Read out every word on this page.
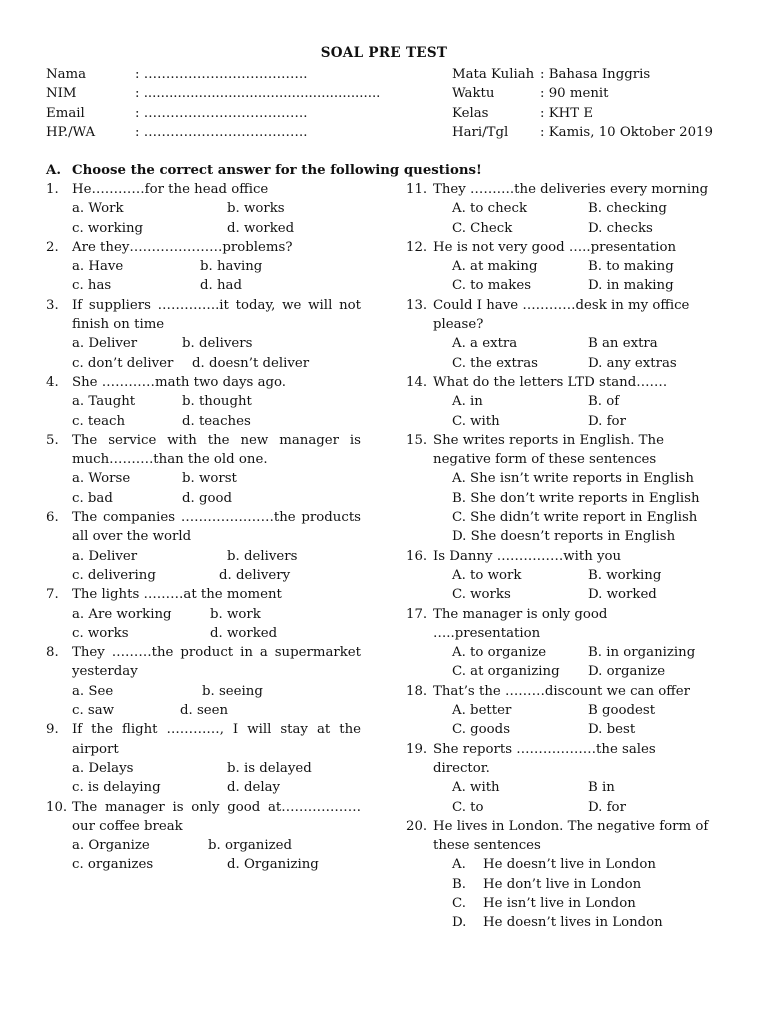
SOAL PRE TEST
Nama	: ……………………………….
NIM	: ........................................................
Email	: ……………………………….
HP./WA	: ……………………………….
Mata Kuliah : Bahasa Inggris
Waktu	: 90 menit
Kelas	: KHT E
Hari/Tgl	: Kamis, 10 Oktober 2019
A. Choose the correct answer for the following questions!
1.	He…………for the head office
a. Work	b. works
c. working	d. worked
2.	Are they…………………problems?
a. Have	b. having
c. has	d. had
3.	If suppliers …………..it today, we will not finish on time
a. Deliver	b. delivers
c. don’t deliver	d. doesn’t deliver
4.	She …………math two days ago.
a. Taught	b. thought
c. teach	d. teaches
5.	The service with the new manager is much……….than the old one.
a. Worse	b. worst
c. bad	d. good
6.	The companies …………………the products all over the world
a. Deliver	b. delivers
c. delivering	d. delivery
7.	The lights ………at the moment
a. Are working	b. work
c. works	d. worked
8.	They ………the product in a supermarket yesterday
a. See	b. seeing
c. saw	d. seen
9.	If the flight …………, I will stay at the airport
a. Delays	b. is delayed
c. is delaying	d. delay
10. The manager is only good at………………our coffee break
a. Organize	b. organized
c. organizes	d. Organizing
11. They ……….the deliveries every morning
A. to check	B. checking
C. Check	D. checks
12. He is not very good …..presentation
A. at making	B. to making
C. to makes	D. in making
13. Could I have …………desk in my office please?
A. a extra	B an extra
C. the extras	D. any extras
14. What do the letters LTD stand…….
A. in	B. of
C. with	D. for
15. She writes reports in English. The negative form of these sentences
A. She isn’t write reports in English
B. She don’t write reports in English
C. She didn’t write report in English
D. She doesn’t reports in English
16. Is Danny ……………with you
A. to work	B. working
C. works	D. worked
17. The manager is only good …..presentation
A. to organize	B. in organizing
C. at organizing	D. organize
18. That’s the ………discount we can offer
A. better	B goodest
C. goods	D. best
19. She reports ………………the sales director.
A. with	B in
C. to	D. for
20. He lives in London. The negative form of these sentences
A. He doesn’t live in London
B. He don’t live in London
C. He isn’t live in London
D. He doesn’t lives in London
